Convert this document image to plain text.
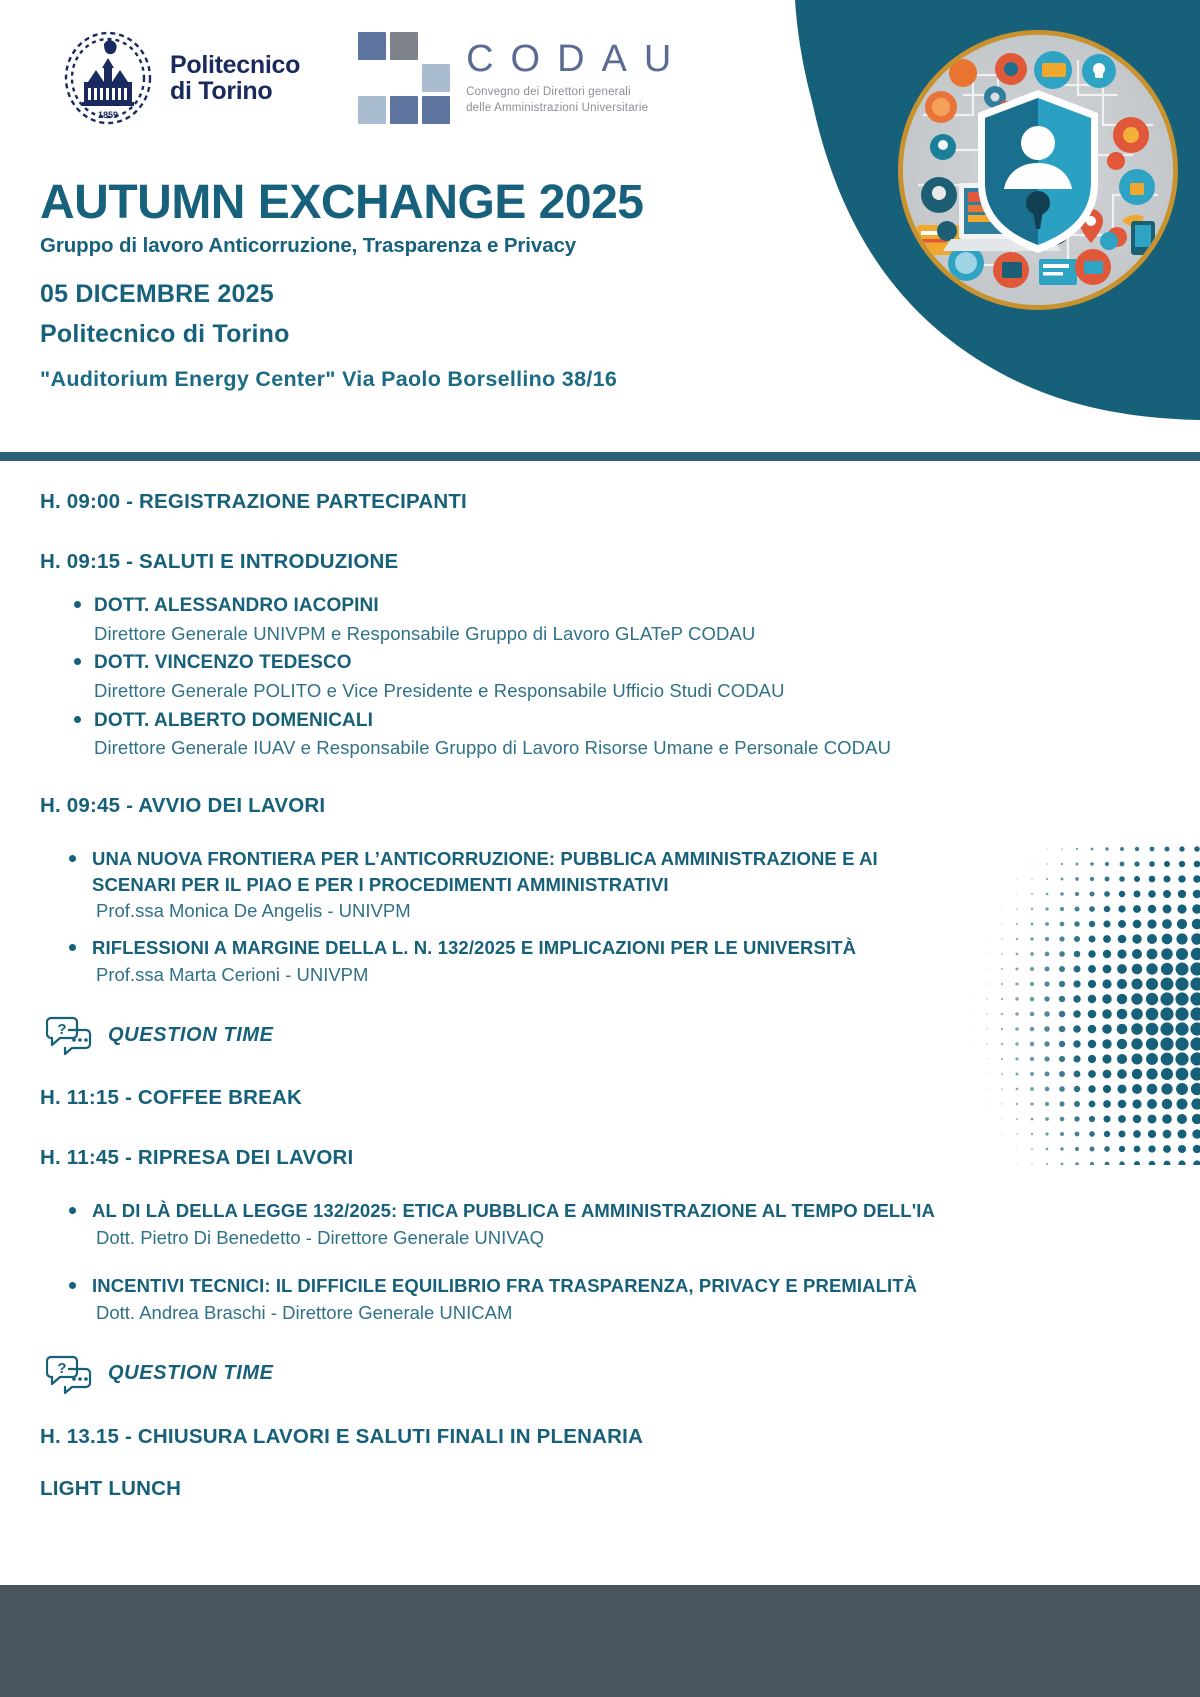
1859
Politecnico
di Torino
CODAU
Convegno dei Direttori generali
delle Amministrazioni Universitarie
AUTUMN EXCHANGE 2025
Gruppo di lavoro Anticorruzione, Trasparenza e Privacy
05 DICEMBRE 2025
Politecnico di Torino
"Auditorium Energy Center" Via Paolo Borsellino 38/16
H. 09:00 - REGISTRAZIONE PARTECIPANTI
H. 09:15 - SALUTI E INTRODUZIONE
DOTT. ALESSANDRO IACOPINI
Direttore Generale UNIVPM e Responsabile Gruppo di Lavoro GLATeP CODAU
DOTT. VINCENZO TEDESCO
Direttore Generale POLITO e Vice Presidente e Responsabile Ufficio Studi CODAU
DOTT. ALBERTO DOMENICALI
Direttore Generale IUAV e Responsabile Gruppo di Lavoro Risorse Umane e Personale CODAU
H. 09:45 - AVVIO DEI LAVORI
UNA NUOVA FRONTIERA PER L’ANTICORRUZIONE: PUBBLICA AMMINISTRAZIONE E AI
SCENARI PER IL PIAO E PER I PROCEDIMENTI AMMINISTRATIVI
Prof.ssa Monica De Angelis - UNIVPM
RIFLESSIONI A MARGINE DELLA L. N. 132/2025 E IMPLICAZIONI PER LE UNIVERSITÀ
Prof.ssa Marta Cerioni - UNIVPM
? QUESTION TIME
H. 11:15 - COFFEE BREAK
H. 11:45 - RIPRESA DEI LAVORI
AL DI LÀ DELLA LEGGE 132/2025: ETICA PUBBLICA E AMMINISTRAZIONE AL TEMPO DELL'IA
Dott. Pietro Di Benedetto - Direttore Generale UNIVAQ
INCENTIVI TECNICI: IL DIFFICILE EQUILIBRIO FRA TRASPARENZA, PRIVACY E PREMIALITÀ
Dott. Andrea Braschi - Direttore Generale UNICAM
? QUESTION TIME
H. 13.15 - CHIUSURA LAVORI E SALUTI FINALI IN PLENARIA
LIGHT LUNCH
